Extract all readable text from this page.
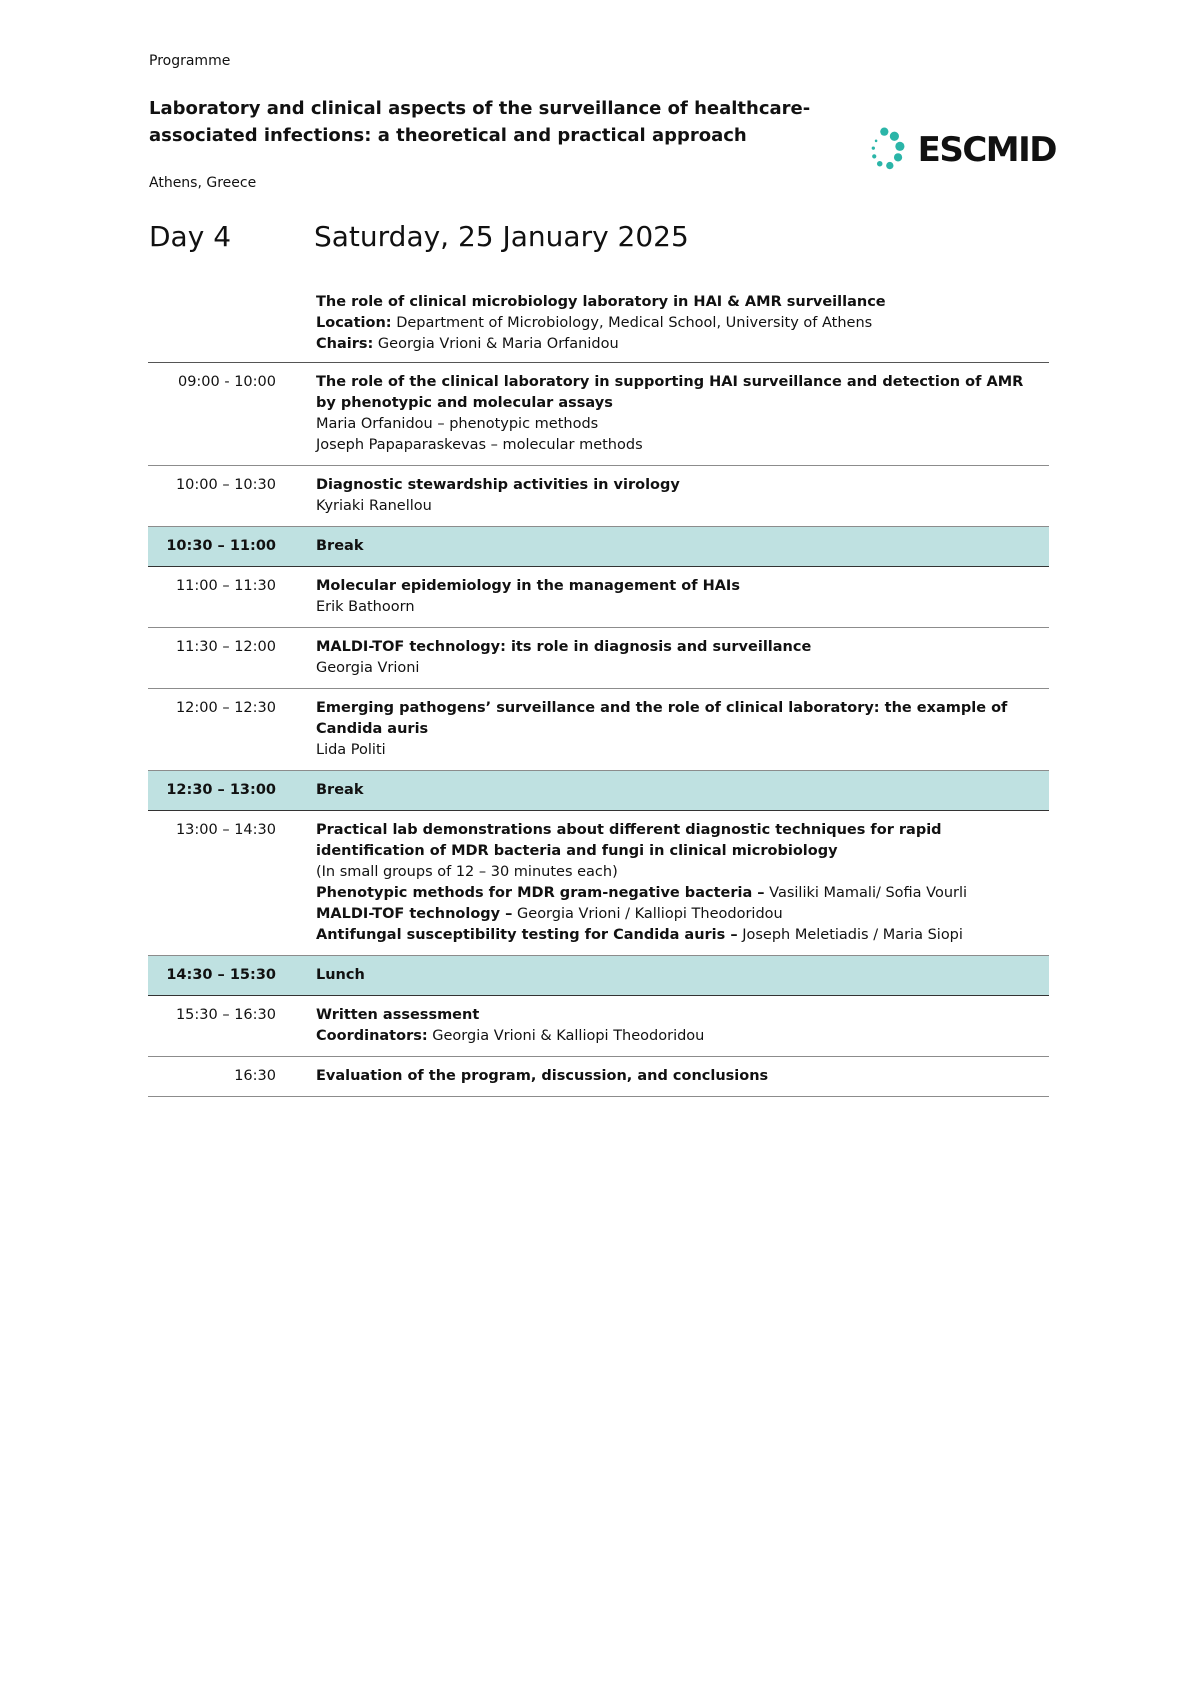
Programme
Laboratory and clinical aspects of the surveillance of healthcare-associated infections: a theoretical and practical approach
Athens, Greece
ESCMID
Day 4	Saturday, 25 January 2025
The role of clinical microbiology laboratory in HAI & AMR surveillance
Location: Department of Microbiology, Medical School, University of Athens
Chairs: Georgia Vrioni & Maria Orfanidou
09:00 - 10:00	The role of the clinical laboratory in supporting HAI surveillance and detection of AMR by phenotypic and molecular assays
Maria Orfanidou – phenotypic methods
Joseph Papaparaskevas – molecular methods
10:00 – 10:30	Diagnostic stewardship activities in virology
Kyriaki Ranellou
10:30 – 11:00	Break
11:00 – 11:30	Molecular epidemiology in the management of HAIs
Erik Bathoorn
11:30 – 12:00	MALDI-TOF technology: its role in diagnosis and surveillance
Georgia Vrioni
12:00 – 12:30	Emerging pathogens’ surveillance and the role of clinical laboratory: the example of Candida auris
Lida Politi
12:30 – 13:00	Break
13:00 – 14:30	Practical lab demonstrations about different diagnostic techniques for rapid identification of MDR bacteria and fungi in clinical microbiology
(In small groups of 12 – 30 minutes each)
Phenotypic methods for MDR gram-negative bacteria – Vasiliki Mamali/ Sofia Vourli
MALDI-TOF technology – Georgia Vrioni / Kalliopi Theodoridou
Antifungal susceptibility testing for Candida auris – Joseph Meletiadis / Maria Siopi
14:30 – 15:30	Lunch
15:30 – 16:30	Written assessment
Coordinators: Georgia Vrioni & Kalliopi Theodoridou
16:30	Evaluation of the program, discussion, and conclusions
